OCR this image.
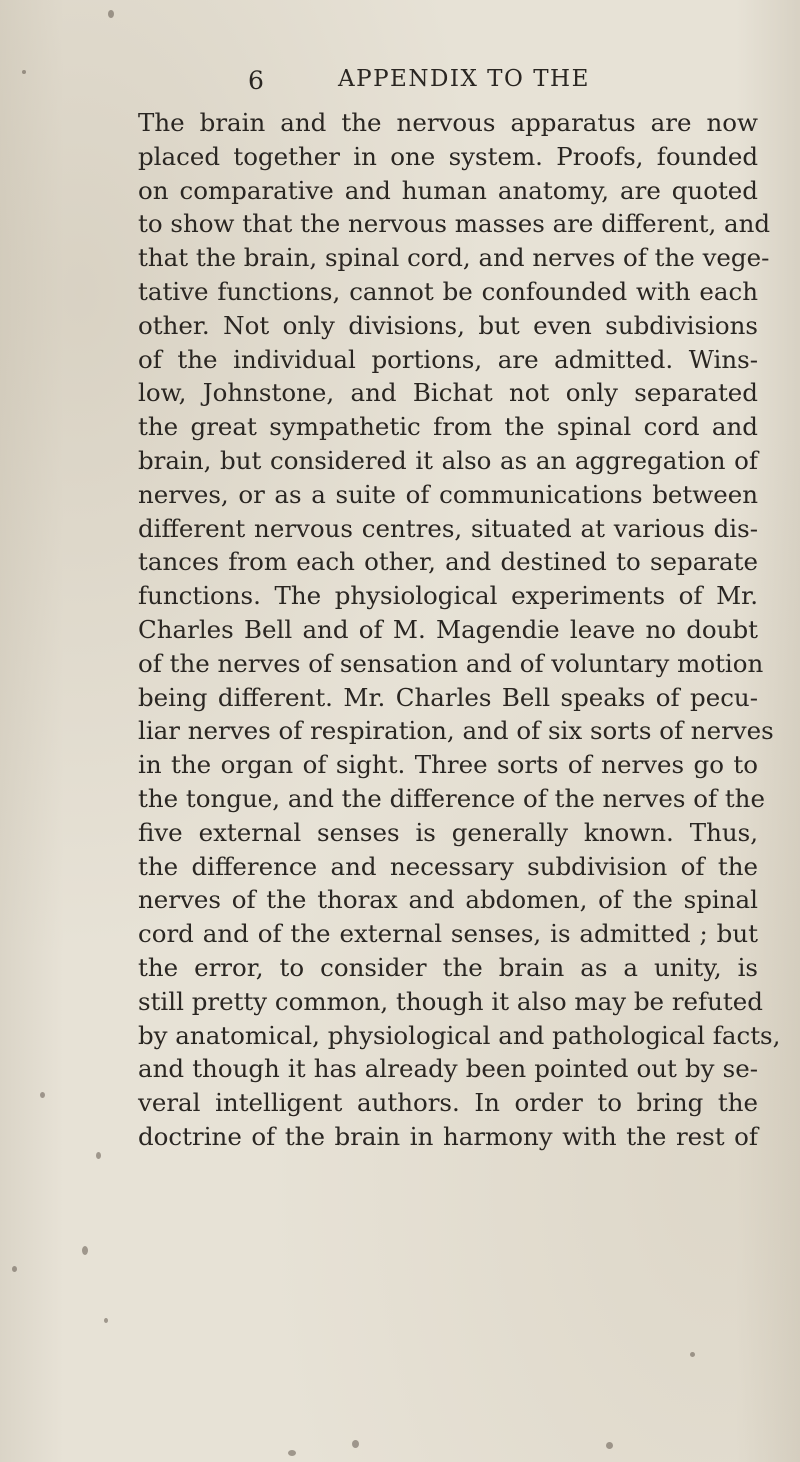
6	APPENDIX TO THE
The brain and the nervous apparatus are now
placed together in one system. Proofs, founded
on comparative and human anatomy, are quoted
to show that the nervous masses are different, and
that the brain, spinal cord, and nerves of the vege-
tative functions, cannot be confounded with each
other. Not only divisions, but even subdivisions
of the individual portions, are admitted. Wins-
low, Johnstone, and Bichat not only separated
the great sympathetic from the spinal cord and
brain, but considered it also as an aggregation of
nerves, or as a suite of communications between
different nervous centres, situated at various dis-
tances from each other, and destined to separate
functions. The physiological experiments of Mr.
Charles Bell and of M. Magendie leave no doubt
of the nerves of sensation and of voluntary motion
being different. Mr. Charles Bell speaks of pecu-
liar nerves of respiration, and of six sorts of nerves
in the organ of sight. Three sorts of nerves go to
the tongue, and the difference of the nerves of the
five external senses is generally known. Thus,
the difference and necessary subdivision of the
nerves of the thorax and abdomen, of the spinal
cord and of the external senses, is admitted ; but
the error, to consider the brain as a unity, is
still pretty common, though it also may be refuted
by anatomical, physiological and pathological facts,
and though it has already been pointed out by se-
veral intelligent authors. In order to bring the
doctrine of the brain in harmony with the rest of
